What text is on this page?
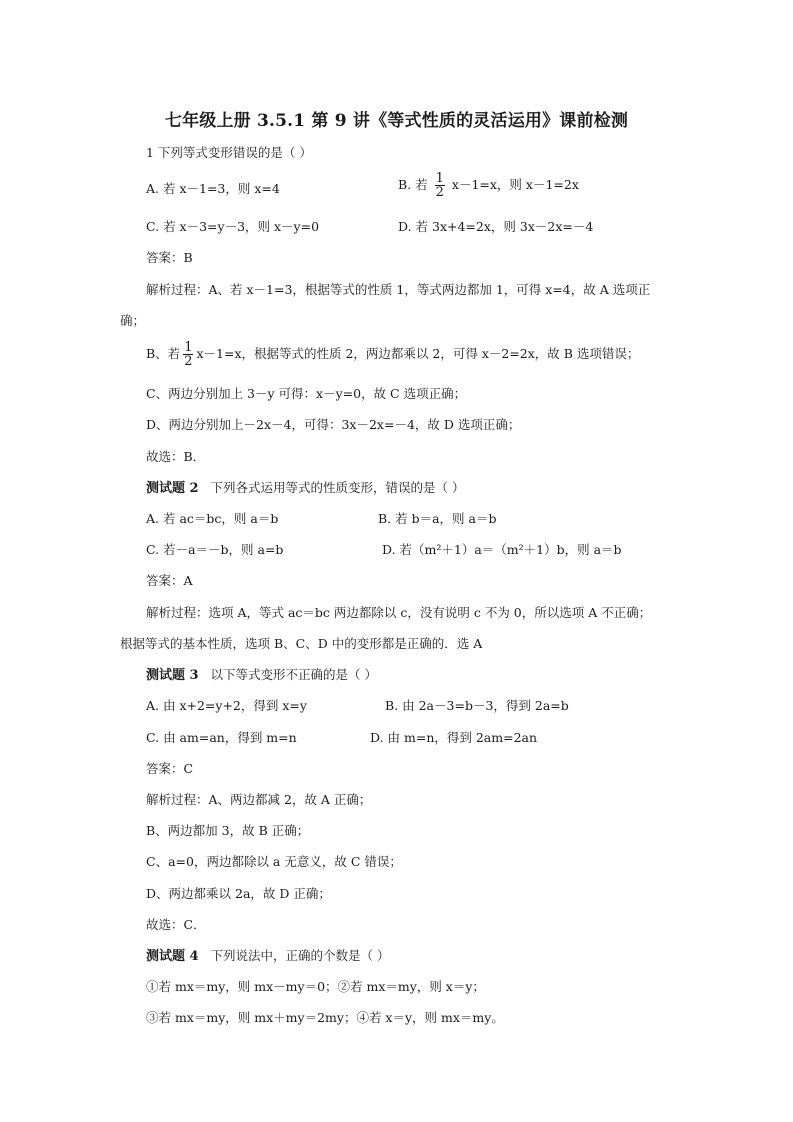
七年级上册 3.5.1 第 9 讲《等式性质的灵活运用》课前检测
1 下列等式变形错误的是（ ）
A. 若 x－1=3，则 x=4	B. 若 $\frac{1}{2} x-1=x$，则 x－1=2x
C. 若 x－3=y－3，则 x－y=0	D. 若 3x+4=2x，则 3x－2x=－4
答案：B
解析过程：A、若 x－1=3，根据等式的性质 1，等式两边都加 1，可得 x=4，故 A 选项正
确；
B、若 $\frac{1}{2} x-1=x$，根据等式的性质 2，两边都乘以 2，可得 x－2=2x，故 B 选项错误；
C、两边分别加上 3－y 可得：x－y=0，故 C 选项正确；
D、两边分别加上－2x－4，可得：3x－2x=－4，故 D 选项正确；
故选：B．
测试题 2 下列各式运用等式的性质变形，错误的是（ ）
A. 若 ac＝bc，则 a＝b	B. 若 b＝a，则 a＝b
C. 若－a＝－b，则 a=b	D. 若（m²＋1）a＝（m²＋1）b，则 a＝b
答案：A
解析过程：选项 A，等式 ac＝bc 两边都除以 c，没有说明 c 不为 0，所以选项 A 不正确；
根据等式的基本性质，选项 B、C、D 中的变形都是正确的．选 A
测试题 3 以下等式变形不正确的是（ ）
A. 由 x+2=y+2，得到 x=y	B. 由 2a－3=b－3，得到 2a=b
C. 由 am=an，得到 m=n	D. 由 m=n，得到 2am=2an
答案：C
解析过程：A、两边都减 2，故 A 正确；
B、两边都加 3，故 B 正确；
C、a=0，两边都除以 a 无意义，故 C 错误；
D、两边都乘以 2a，故 D 正确；
故选：C．
测试题 4 下列说法中，正确的个数是（ ）
①若 mx＝my，则 mx－my＝0；②若 mx＝my，则 x＝y；
③若 mx＝my，则 mx＋my＝2my；④若 x＝y，则 mx＝my。
